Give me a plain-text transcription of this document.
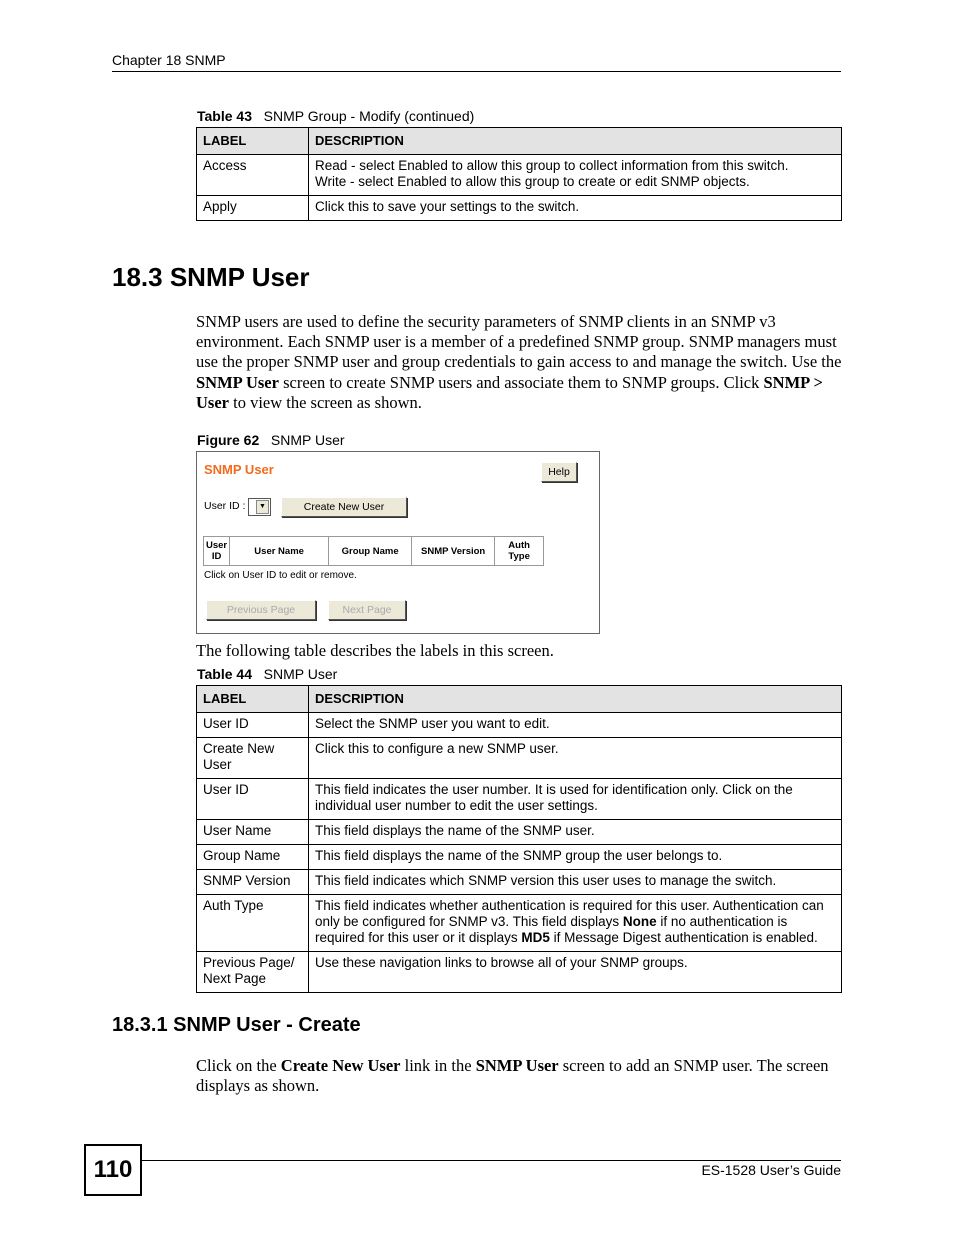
Chapter 18 SNMP
Table 43 SNMP Group - Modify (continued)
LABEL	DESCRIPTION
Access	Read - select Enabled to allow this group to collect information from this switch.
Write - select Enabled to allow this group to create or edit SNMP objects.
Apply	Click this to save your settings to the switch.
18.3 SNMP User
SNMP users are used to define the security parameters of SNMP clients in an SNMP v3 environment. Each SNMP user is a member of a predefined SNMP group. SNMP managers must use the proper SNMP user and group credentials to gain access to and manage the switch. Use the SNMP User screen to create SNMP users and associate them to SNMP groups. Click SNMP > User to view the screen as shown.
Figure 62 SNMP User
SNMP User	Help
User ID :	▼	Create New User
User ID	User Name	Group Name	SNMP Version	Auth Type
Click on User ID to edit or remove.
Previous Page	Next Page
The following table describes the labels in this screen.
Table 44 SNMP User
LABEL	DESCRIPTION
User ID	Select the SNMP user you want to edit.
Create New User	Click this to configure a new SNMP user.
User ID	This field indicates the user number. It is used for identification only. Click on the individual user number to edit the user settings.
User Name	This field displays the name of the SNMP user.
Group Name	This field displays the name of the SNMP group the user belongs to.
SNMP Version	This field indicates which SNMP version this user uses to manage the switch.
Auth Type	This field indicates whether authentication is required for this user. Authentication can only be configured for SNMP v3. This field displays None if no authentication is required for this user or it displays MD5 if Message Digest authentication is enabled.
Previous Page/ Next Page	Use these navigation links to browse all of your SNMP groups.
18.3.1 SNMP User - Create
Click on the Create New User link in the SNMP User screen to add an SNMP user. The screen displays as shown.
110	ES-1528 User’s Guide
